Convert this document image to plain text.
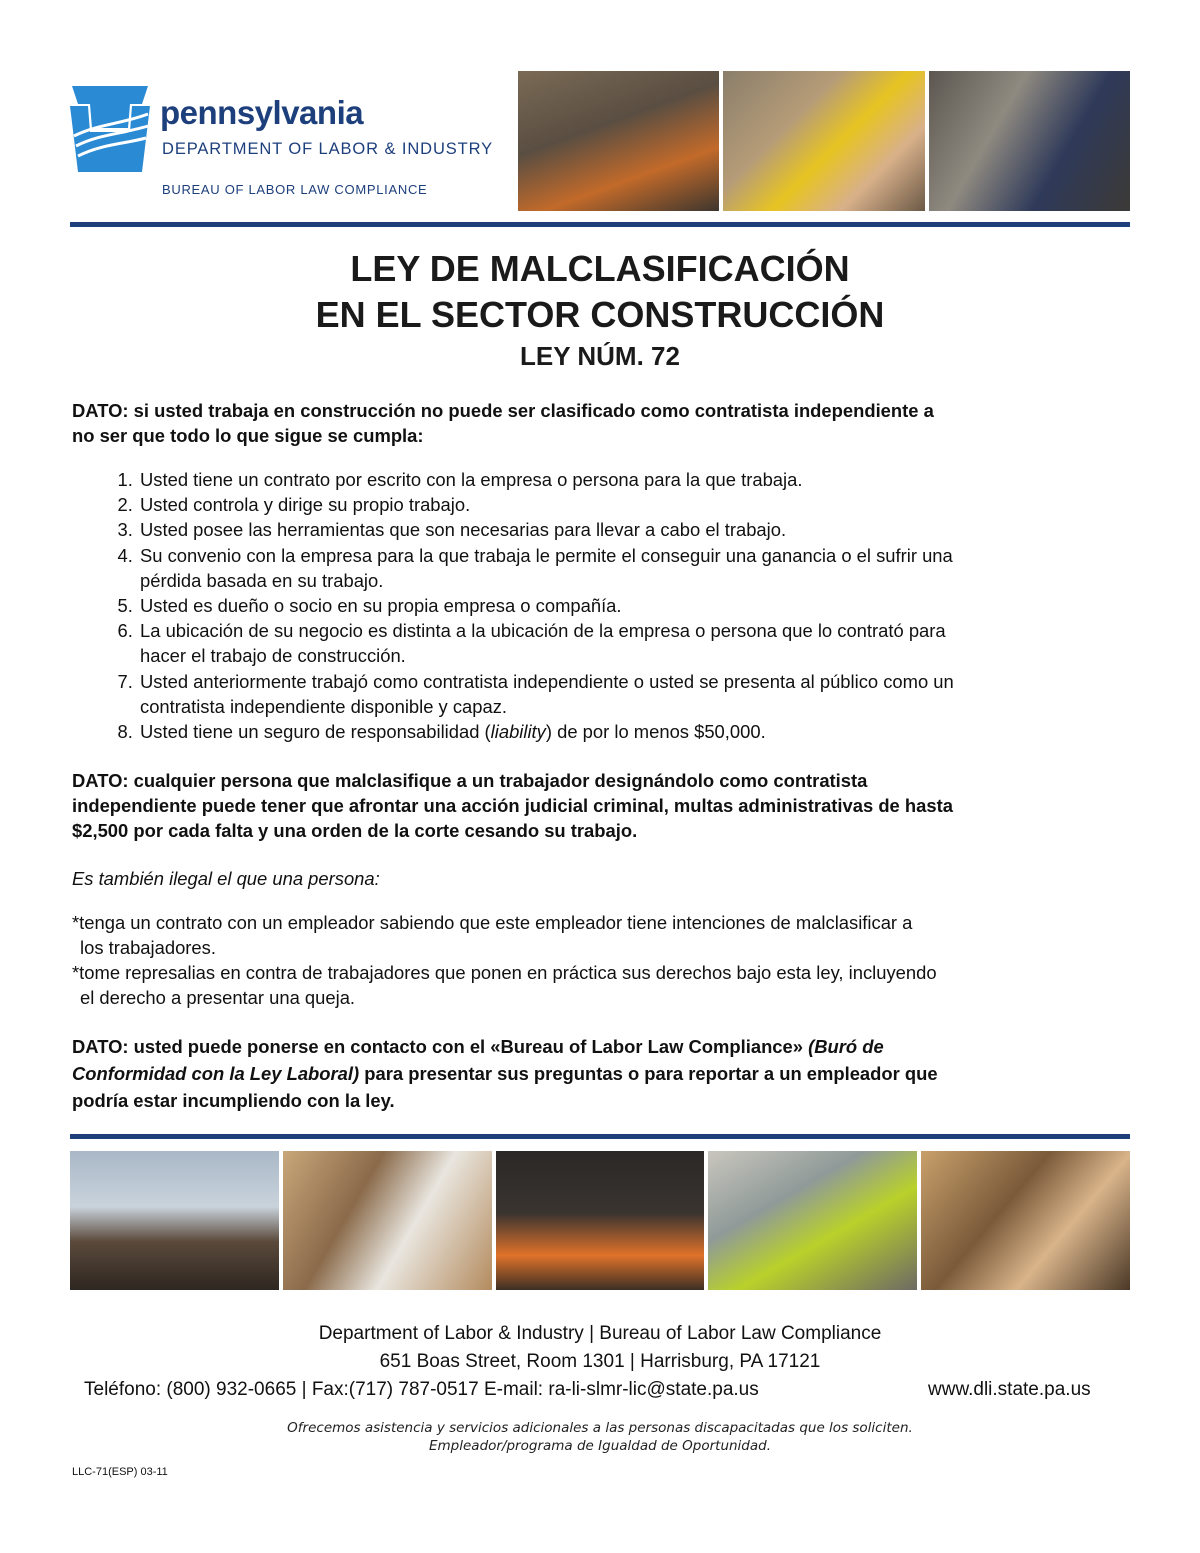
pennsylvania
DEPARTMENT OF LABOR & INDUSTRY
BUREAU OF LABOR LAW COMPLIANCE
LEY DE MALCLASIFICACIÓN
EN EL SECTOR CONSTRUCCIÓN
LEY NÚM. 72
DATO: si usted trabaja en construcción no puede ser clasificado como contratista independiente a
no ser que todo lo que sigue se cumpla:
1. Usted tiene un contrato por escrito con la empresa o persona para la que trabaja.
2. Usted controla y dirige su propio trabajo.
3. Usted posee las herramientas que son necesarias para llevar a cabo el trabajo.
4. Su convenio con la empresa para la que trabaja le permite el conseguir una ganancia o el sufrir una
pérdida basada en su trabajo.
5. Usted es dueño o socio en su propia empresa o compañía.
6. La ubicación de su negocio es distinta a la ubicación de la empresa o persona que lo contrató para
hacer el trabajo de construcción.
7. Usted anteriormente trabajó como contratista independiente o usted se presenta al público como un
contratista independiente disponible y capaz.
8. Usted tiene un seguro de responsabilidad (liability) de por lo menos $50,000.
DATO: cualquier persona que malclasifique a un trabajador designándolo como contratista
independiente puede tener que afrontar una acción judicial criminal, multas administrativas de hasta
$2,500 por cada falta y una orden de la corte cesando su trabajo.
Es también ilegal el que una persona:
*tenga un contrato con un empleador sabiendo que este empleador tiene intenciones de malclasificar a
los trabajadores.
*tome represalias en contra de trabajadores que ponen en práctica sus derechos bajo esta ley, incluyendo
el derecho a presentar una queja.
DATO: usted puede ponerse en contacto con el «Bureau of Labor Law Compliance» (Buró de
Conformidad con la Ley Laboral) para presentar sus preguntas o para reportar a un empleador que
podría estar incumpliendo con la ley.
Department of Labor & Industry | Bureau of Labor Law Compliance
651 Boas Street, Room 1301 | Harrisburg, PA 17121
Teléfono: (800) 932-0665 | Fax:(717) 787-0517 E-mail: ra-li-slmr-lic@state.pa.us	www.dli.state.pa.us
Ofrecemos asistencia y servicios adicionales a las personas discapacitadas que los soliciten.
Empleador/programa de Igualdad de Oportunidad.
LLC-71(ESP) 03-11
